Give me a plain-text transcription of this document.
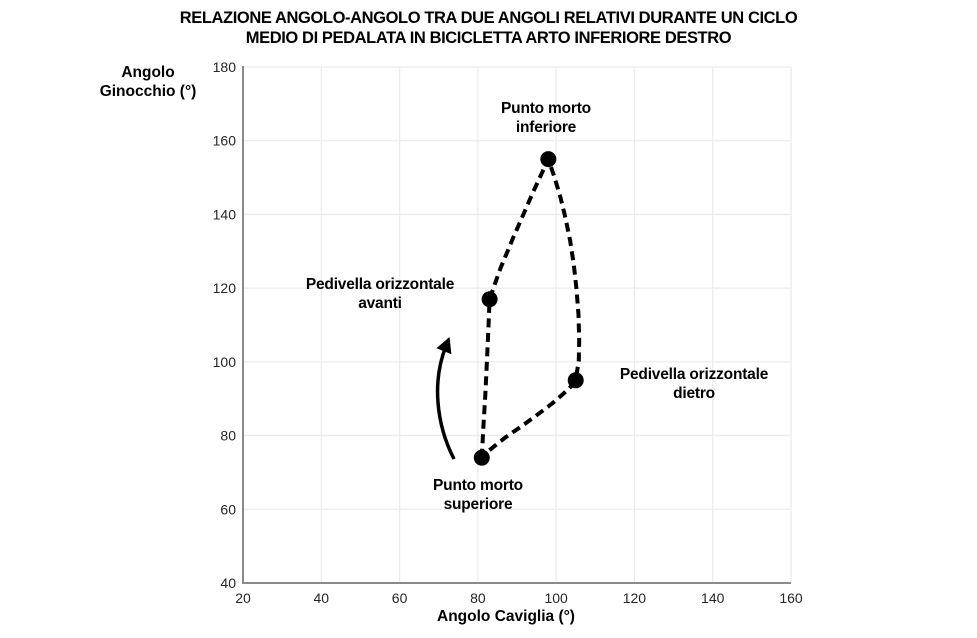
RELAZIONE ANGOLO-ANGOLO TRA DUE ANGOLI RELATIVI DURANTE UN CICLO
MEDIO DI PEDALATA IN BICICLETTA ARTO INFERIORE DESTRO
Angolo
Ginocchio (°)
20	40	60	80	100	120	140	160
40
60
80
100
120
140
160
180
Punto morto
inferiore
Pedivella orizzontale
avanti
Pedivella orizzontale
dietro
Punto morto
superiore
Angolo Caviglia (°)
